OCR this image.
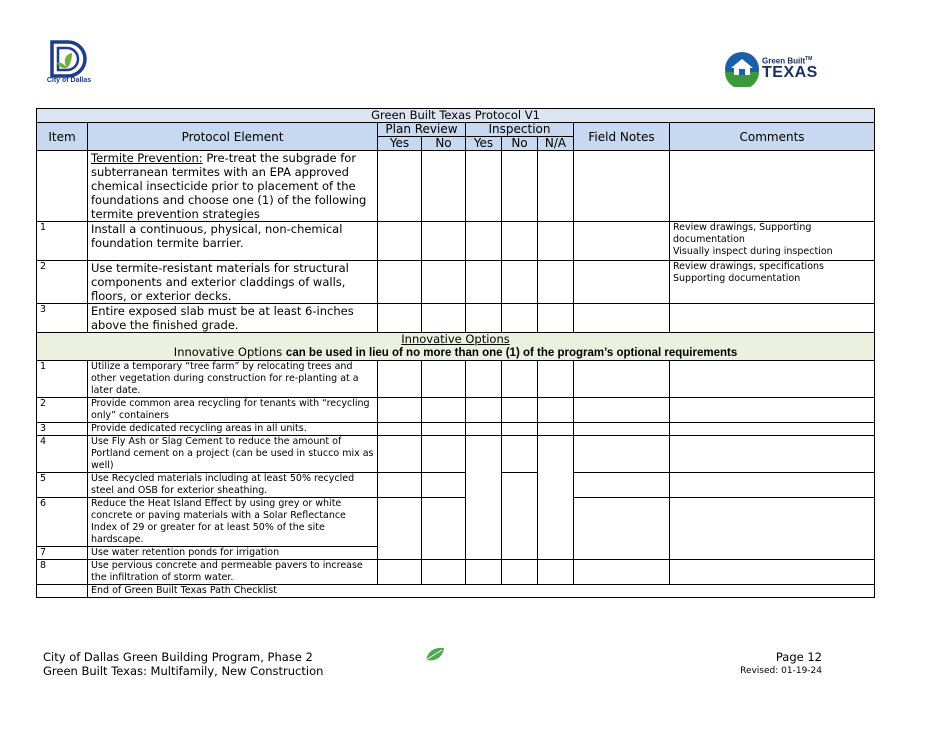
City of Dallas
Green Built™
TEXAS
Green Built Texas Protocol V1								
Item	Protocol Element	Plan Review		Inspection			Field Notes	Comments
		Yes	No	Yes	No	N/A		
	Termite Prevention: Pre-treat the subgrade for subterranean termites with an EPA approved chemical insecticide prior to placement of the foundations and choose one (1) of the following termite prevention strategies							
1	Install a continuous, physical, non-chemical foundation termite barrier.							Review drawings, Supporting documentation
Visually inspect during inspection

2	Use termite-resistant materials for structural components and exterior claddings of walls, floors, or exterior decks.							Review drawings, specifications
Supporting documentation

3	Entire exposed slab must be at least 6-inches above the finished grade.							

Innovative Options
Innovative Options can be used in lieu of no more than one (1) of the program’s optional requirements								

1	Utilize a temporary “tree farm” by relocating trees and other vegetation during construction for re-planting at a later date.							
2	Provide common area recycling for tenants with “recycling only” containers							
3	Provide dedicated recycling areas in all units.							
4	Use Fly Ash or Slag Cement to reduce the amount of Portland cement on a project (can be used in stucco mix as well)							
5	Use Recycled materials including at least 50% recycled steel and OSB for exterior sheathing.							
6	Reduce the Heat Island Effect by using grey or white concrete or paving materials with a Solar Reflectance Index of 29 or greater for at least 50% of the site hardscape.							
7	Use water retention ponds for irrigation							
8	Use pervious concrete and permeable pavers to increase the infiltration of storm water.							
	End of Green Built Texas Path Checklist							
City of Dallas Green Building Program, Phase 2
Green Built Texas: Multifamily, New Construction
Page 12
Revised: 01-19-24
